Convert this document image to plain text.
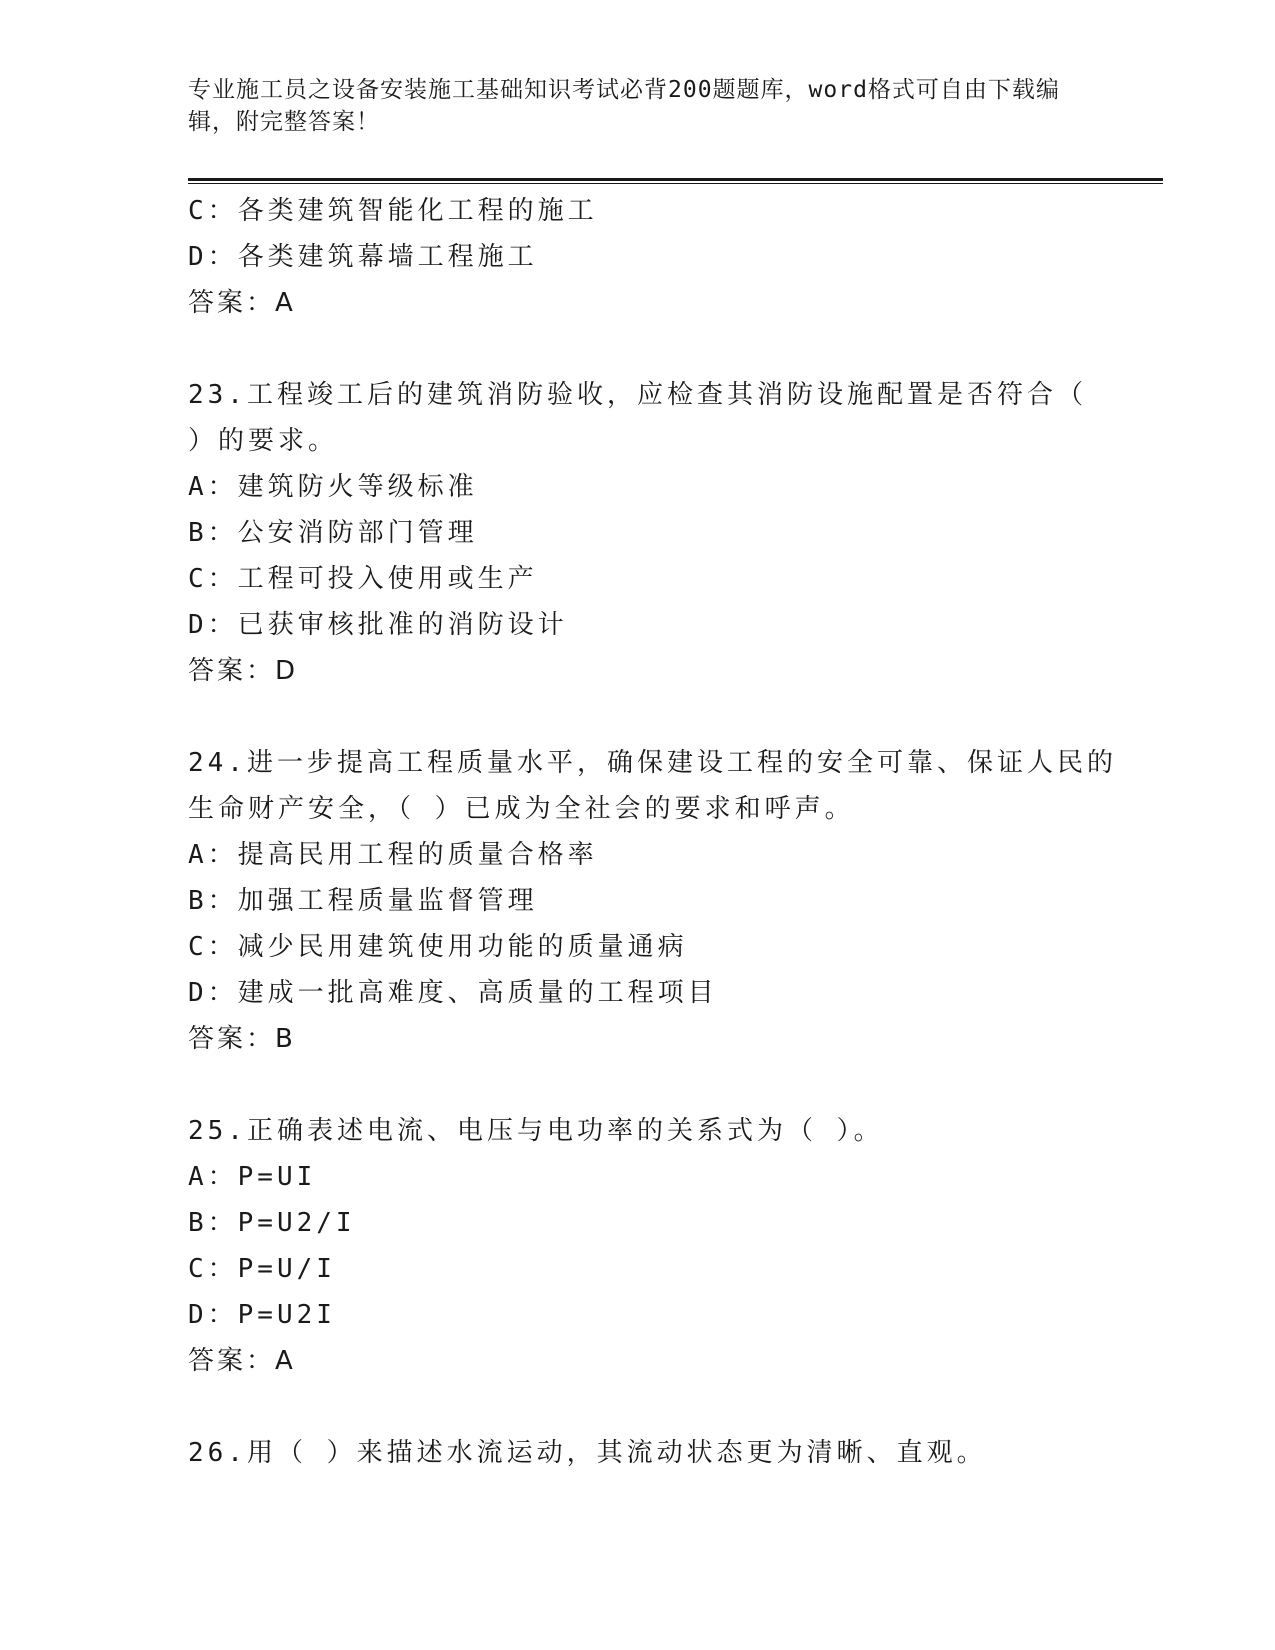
专业施工员之设备安装施工基础知识考试必背200题题库，word格式可自由下载编辑，附完整答案！
C：各类建筑智能化工程的施工
D：各类建筑幕墙工程施工
答案：A
23.工程竣工后的建筑消防验收，应检查其消防设施配置是否符合（
）的要求。
A：建筑防火等级标准
B：公安消防部门管理
C：工程可投入使用或生产
D：已获审核批准的消防设计
答案：D
24.进一步提高工程质量水平，确保建设工程的安全可靠、保证人民的
生命财产安全，（ ）已成为全社会的要求和呼声。
A：提高民用工程的质量合格率
B：加强工程质量监督管理
C：减少民用建筑使用功能的质量通病
D：建成一批高难度、高质量的工程项目
答案：B
25.正确表述电流、电压与电功率的关系式为（ ）。
A：P=UI
B：P=U2/I
C：P=U/I
D：P=U2I
答案：A
26.用（ ）来描述水流运动，其流动状态更为清晰、直观。
